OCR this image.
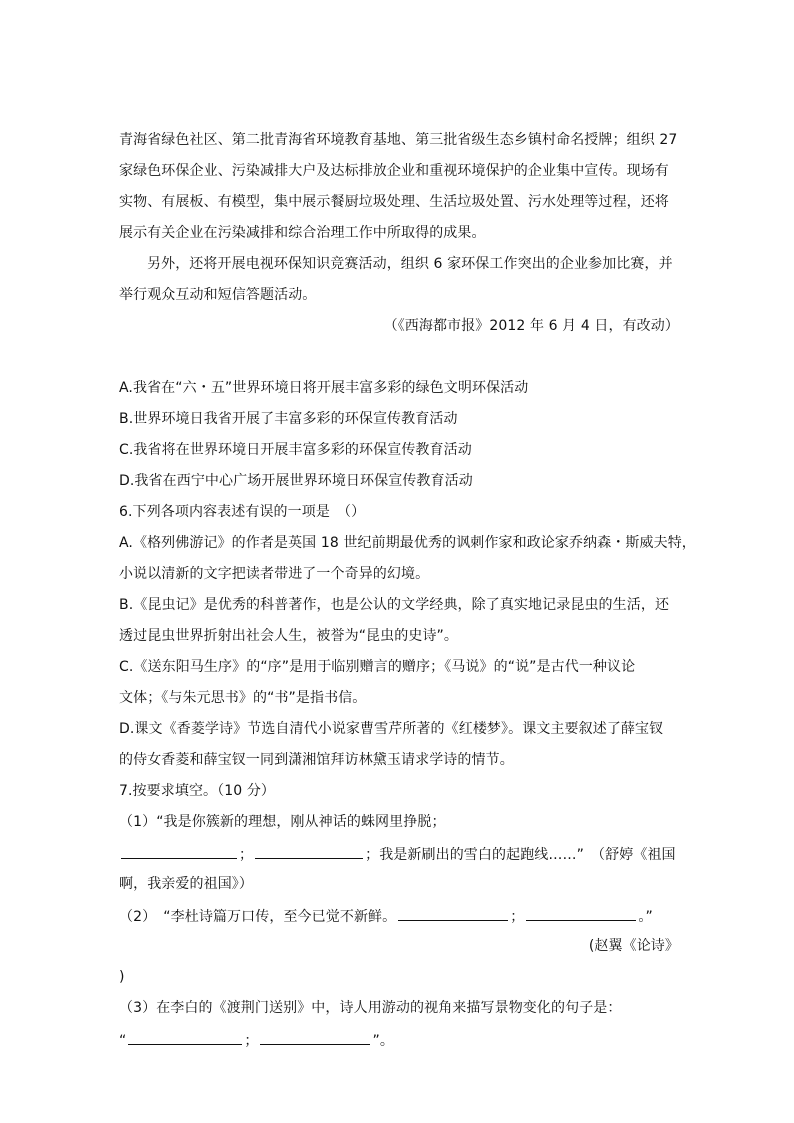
青海省绿色社区、第二批青海省环境教育基地、第三批省级生态乡镇村命名授牌；组织 27
家绿色环保企业、污染减排大户及达标排放企业和重视环境保护的企业集中宣传。现场有
实物、有展板、有模型，集中展示餐厨垃圾处理、生活垃圾处置、污水处理等过程，还将
展示有关企业在污染减排和综合治理工作中所取得的成果。
另外，还将开展电视环保知识竞赛活动，组织 6 家环保工作突出的企业参加比赛，并
举行观众互动和短信答题活动。
（《西海都市报》2012 年 6 月 4 日，有改动）
A.我省在“六・五”世界环境日将开展丰富多彩的绿色文明环保活动
B.世界环境日我省开展了丰富多彩的环保宣传教育活动
C.我省将在世界环境日开展丰富多彩的环保宣传教育活动
D.我省在西宁中心广场开展世界环境日环保宣传教育活动
6.下列各项内容表述有误的一项是　（）
A.《格列佛游记》的作者是英国 18 世纪前期最优秀的讽刺作家和政论家乔纳森・斯威夫特，
小说以清新的文字把读者带进了一个奇异的幻境。
B.《昆虫记》是优秀的科普著作，也是公认的文学经典，除了真实地记录昆虫的生活，还
透过昆虫世界折射出社会人生，被誉为“昆虫的史诗”。
C.《送东阳马生序》的“序”是用于临别赠言的赠序；《马说》的“说”是古代一种议论
文体；《与朱元思书》的“书”是指书信。
D.课文《香菱学诗》节选自清代小说家曹雪芹所著的《红楼梦》。课文主要叙述了薛宝钗
的侍女香菱和薛宝钗一同到潇湘馆拜访林黛玉请求学诗的情节。
7.按要求填空。（10 分）
（1）“我是你簇新的理想，刚从神话的蛛网里挣脱；
；	；我是新刷出的雪白的起跑线……”　（舒婷《祖国
啊，我亲爱的祖国》）
（2）　“李杜诗篇万口传，至今已觉不新鲜。	；	。”
(赵翼《论诗》
)
（3）在李白的《渡荆门送别》中，诗人用游动的视角来描写景物变化的句子是：
“	；	”。
